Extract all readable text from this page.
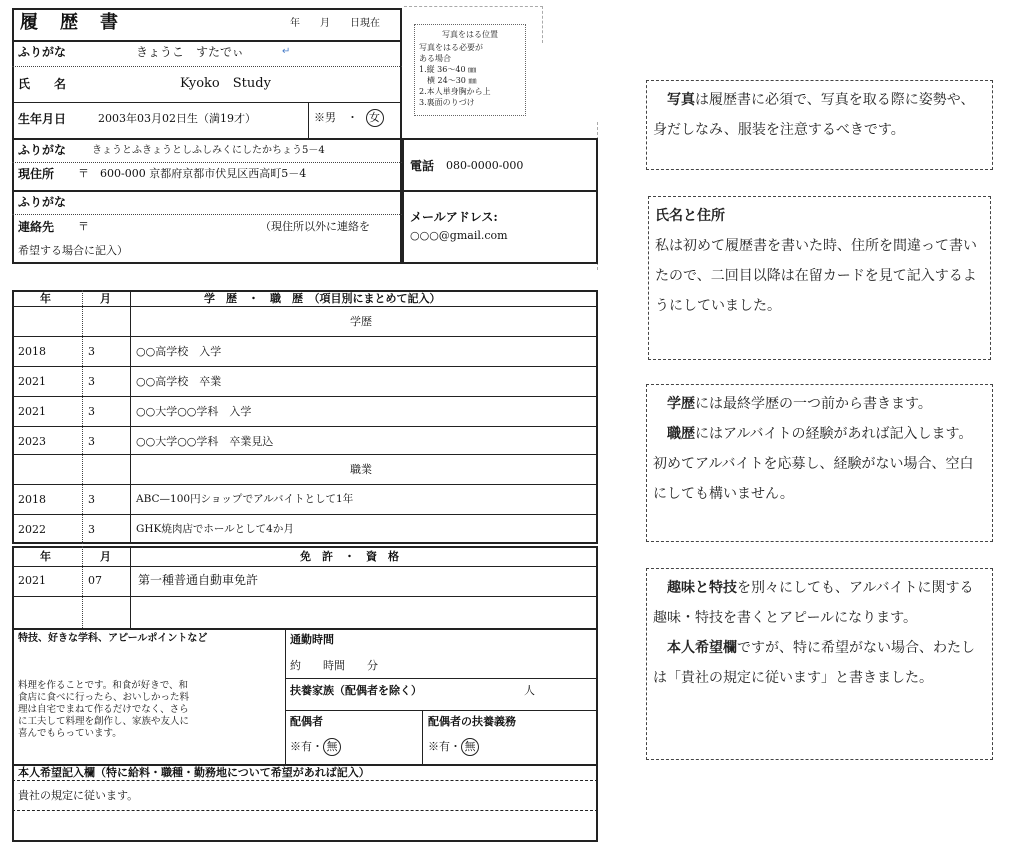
履　歴　書	年　　月　　日現在
ふりがな	きょうこ　すたでぃ	↵
氏　　名	Kyoko　Study
生年月日	2003年03月02日生（満19才）	※男　・ 女
ふりがな	きょうとふきょうとしふしみくにしたかちょう5－4
現住所 〒　600-000 京都府京都市伏見区西高町5－4
電話 080-0000-000
ふりがな
連絡先 〒	（現住所以外に連絡を
希望する場合に記入）
メールアドレス:
○○○@gmail.com
写真をはる位置
写真をはる必要が
ある場合
1.縦 36～40 ㎜
　横 24～30 ㎜
2.本人単身胸から上
3.裏面のりづけ
年	月	学　歴　・　職　歴　（項目別にまとめて記入）
学歴
2018	3	○○高学校　入学
2021	3	○○高学校　卒業
2021	3	○○大学○○学科　入学
2023	3	○○大学○○学科　卒業見込
職業
2018	3	ABC—100円ショップでアルバイトとして1年
2022	3	GHK焼肉店でホールとして4か月
年	月	免　許　・　資　格
2021	07	第一種普通自動車免許
特技、好きな学科、アピールポイントなど
料理を作ることです。和食が好きで、和
食店に食べに行ったら、おいしかった料
理は自宅でまねて作るだけでなく、さら
に工夫して料理を創作し、家族や友人に
喜んでもらっています。
通勤時間
約　　時間　　分
扶養家族（配偶者を除く）	人
配偶者
※有・ 無
配偶者の扶養義務
※有・ 無
本人希望記入欄（特に給料・職種・勤務地について希望があれば記入）
貴社の規定に従います。

　写真は履歴書に必須で、写真を取る際に姿勢や、身だしなみ、服装を注意するべきです。

氏名と住所

私は初めて履歴書を書いた時、住所を間違って書いたので、二回目以降は在留カードを見て記入するようにしていました。

　学歴には最終学歴の一つ前から書きます。

　職歴にはアルバイトの経験があれば記入します。初めてアルバイトを応募し、経験がない場合、空白にしても構いません。

　趣味と特技を別々にしても、アルバイトに関する趣味・特技を書くとアピールになります。

　本人希望欄ですが、特に希望がない場合、わたしは「貴社の規定に従います」と書きました。
